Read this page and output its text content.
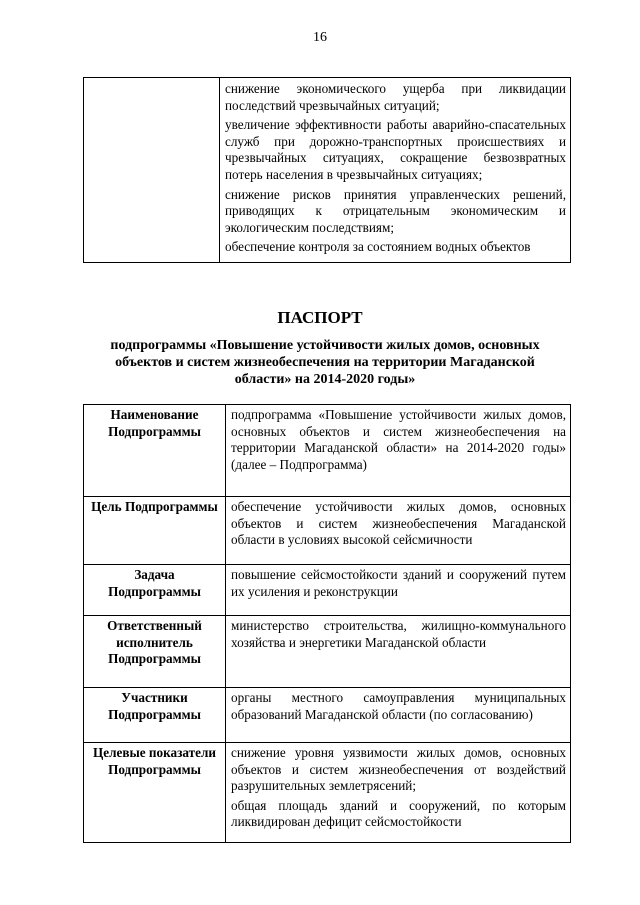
16

снижение экономического ущерба при ликвидации последствий чрезвычайных ситуаций;

увеличение эффективности работы аварийно-спасательных служб при дорожно-транспортных происшествиях и чрезвычайных ситуациях, сокращение безвозвратных потерь населения в чрезвычайных ситуациях;

снижение рисков принятия управленческих решений, приводящих к отрицательным экономическим и экологическим последствиям;

обеспечение контроля за состоянием водных объектов

ПАСПОРТ
подпрограммы «Повышение устойчивости жилых домов, основных объектов и систем жизнеобеспечения на территории Магаданской области» на 2014-2020 годы»
Наименование Подпрограммы	подпрограмма «Повышение устойчивости жилых домов, основных объектов и систем жизнеобеспечения на территории Магаданской области» на 2014-2020 годы» (далее – Подпрограмма)

Цель Подпрограммы	обеспечение устойчивости жилых домов, основных объектов и систем жизнеобеспечения Магаданской области в условиях высокой сейсмичности

Задача Подпрограммы	повышение сейсмостойкости зданий и сооружений путем их усиления и реконструкции

Ответственный исполнитель Подпрограммы	министерство строительства, жилищно-коммунального хозяйства и энергетики Магаданской области

Участники Подпрограммы	органы местного самоуправления муниципальных образований Магаданской области (по согласованию)

Целевые показатели Подпрограммы	снижение уровня уязвимости жилых домов, основных объектов и систем жизнеобеспечения от воздействий разрушительных землетрясений;

общая площадь зданий и сооружений, по которым ликвидирован дефицит сейсмостойкости
